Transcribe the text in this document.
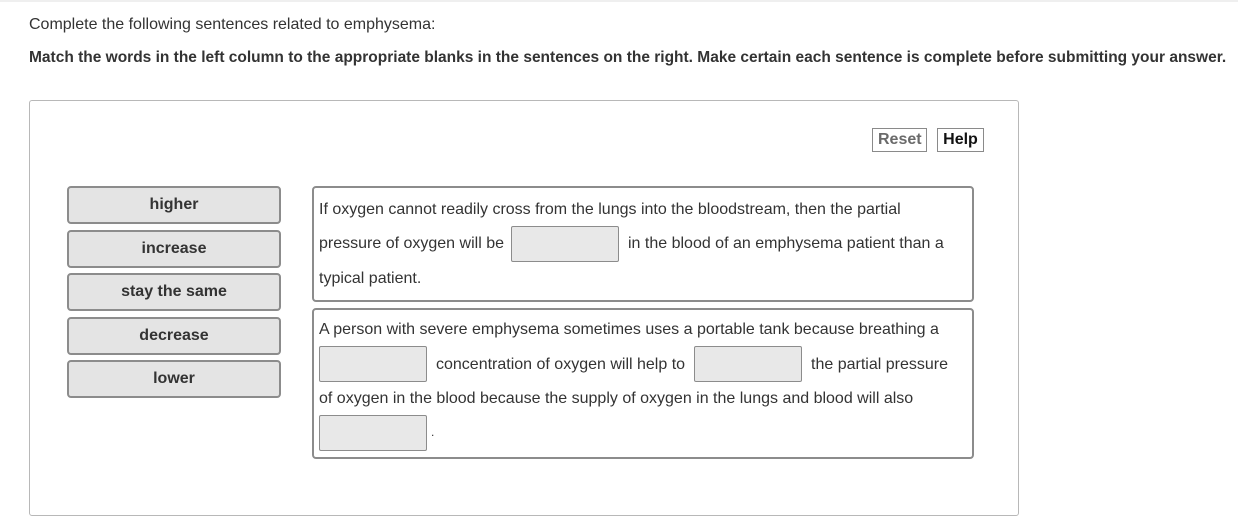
Complete the following sentences related to emphysema:
Match the words in the left column to the appropriate blanks in the sentences on the right. Make certain each sentence is complete before submitting your answer.
Reset	Help
higher
increase
stay the same
decrease
lower
If oxygen cannot readily cross from the lungs into the bloodstream, then the partial
pressure of oxygen will be	in the blood of an emphysema patient than a
typical patient.
A person with severe emphysema sometimes uses a portable tank because breathing a
concentration of oxygen will help to	the partial pressure
of oxygen in the blood because the supply of oxygen in the lungs and blood will also
.
